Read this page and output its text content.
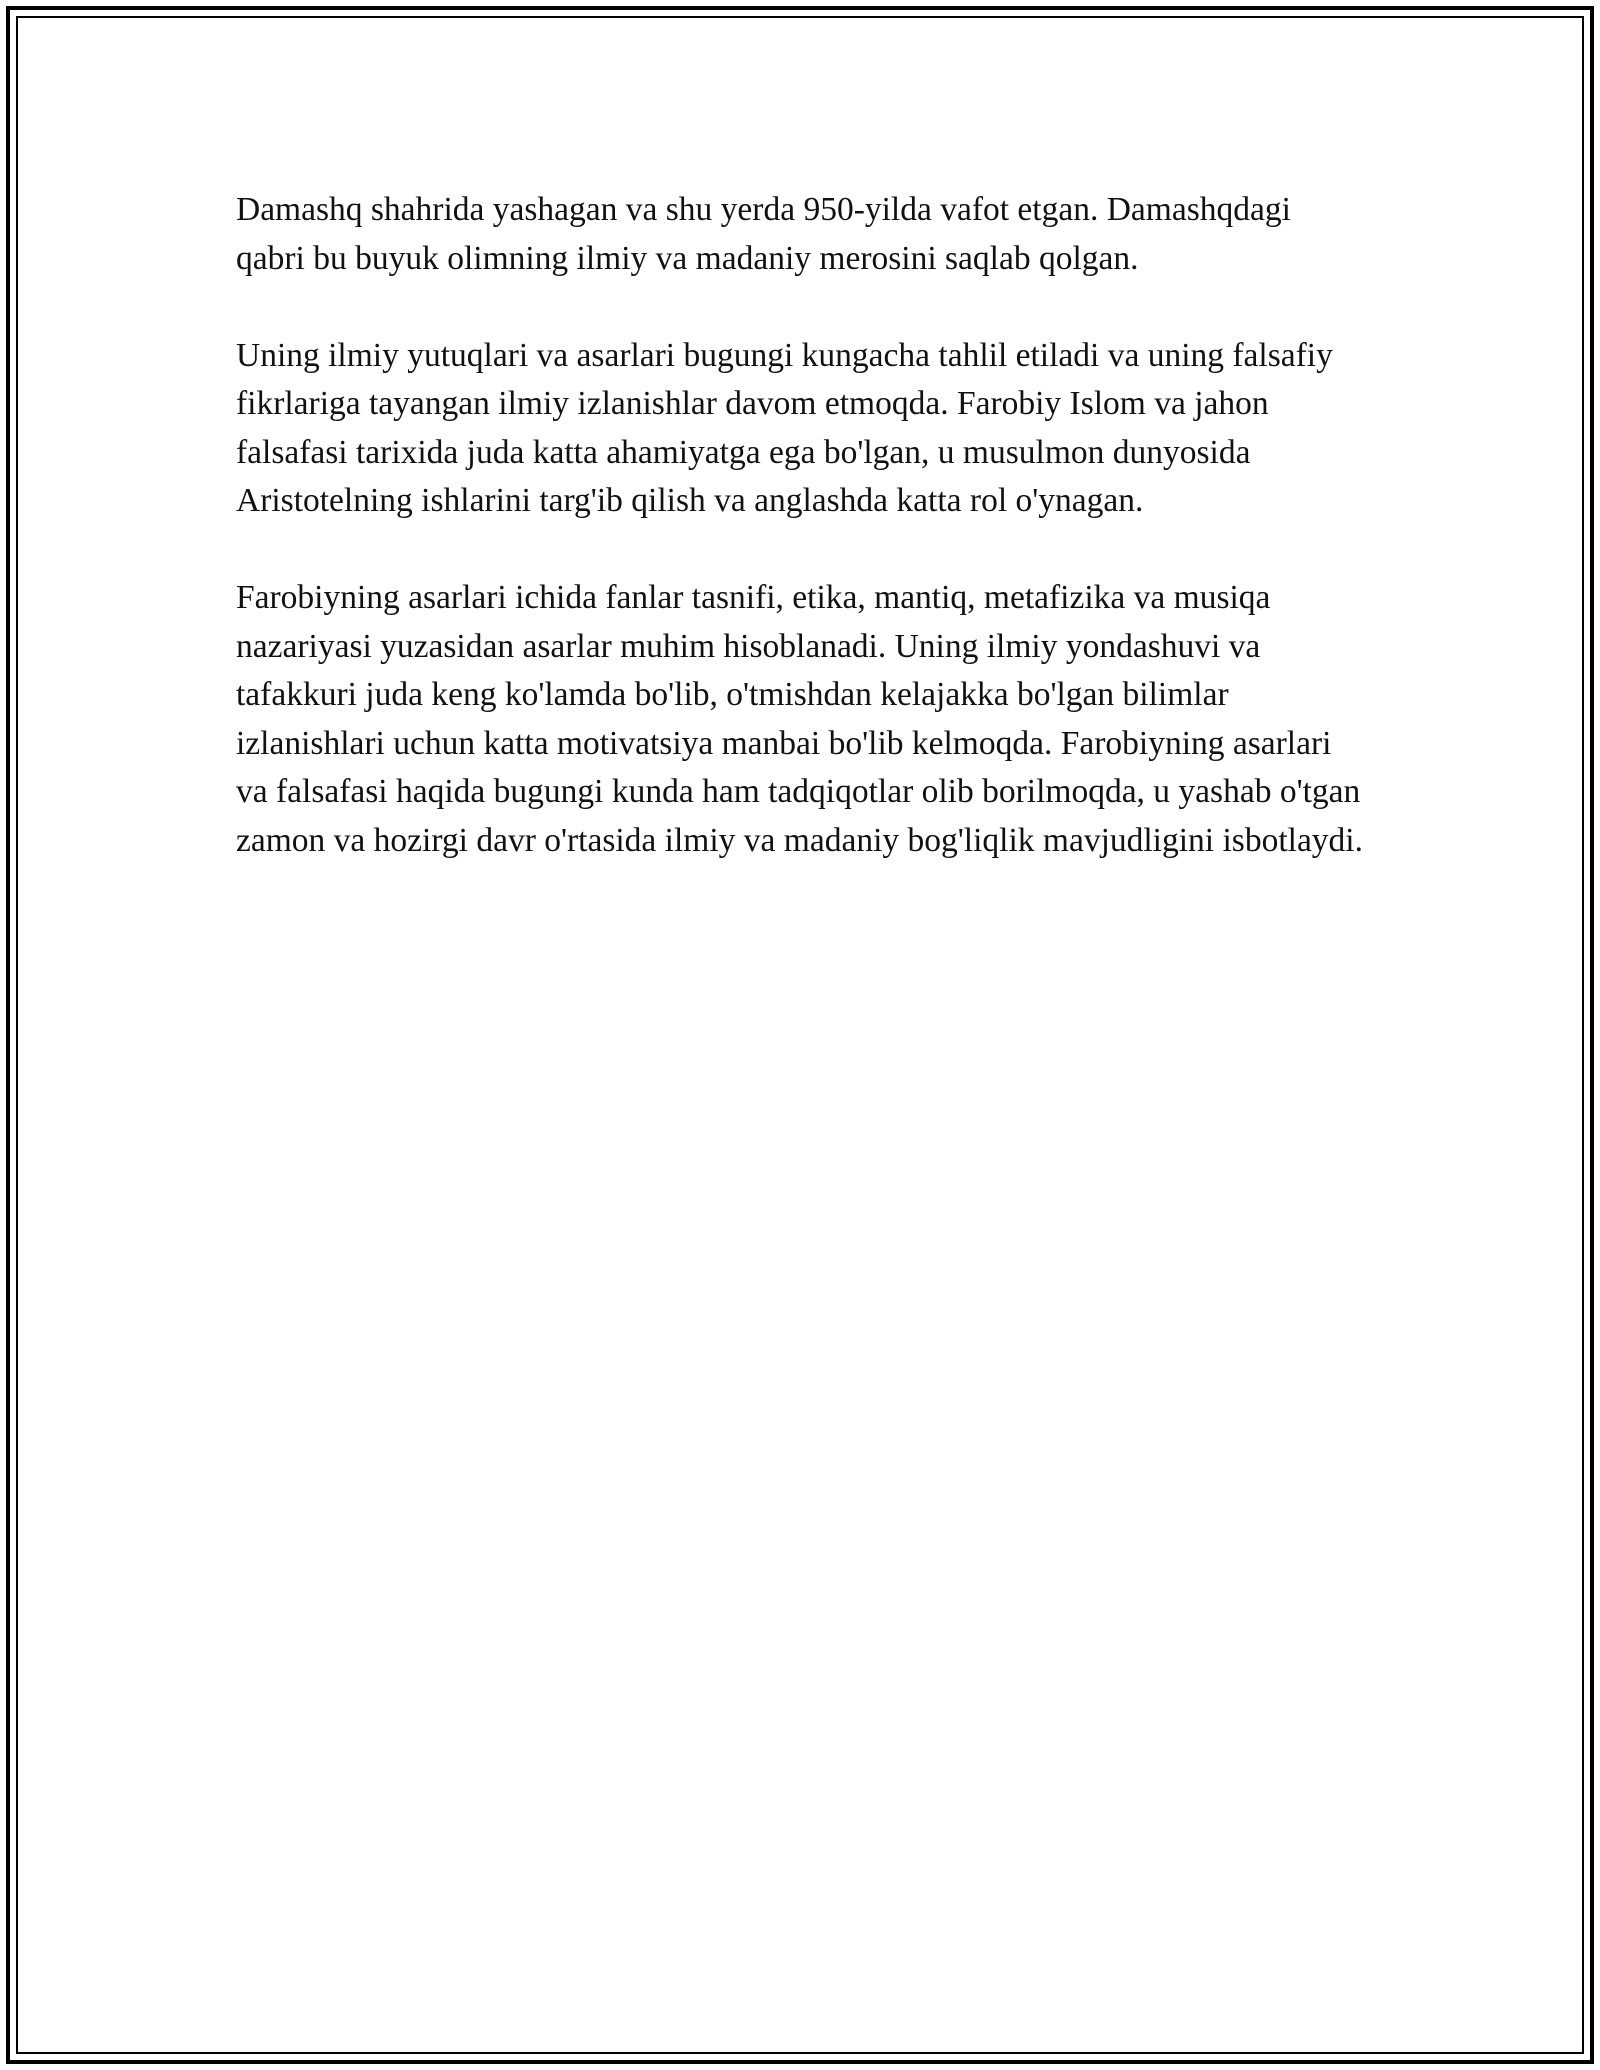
Damashq shahrida yashagan va shu yerda 950-yilda vafot etgan. Damashqdagi qabri bu buyuk olimning ilmiy va madaniy merosini saqlab qolgan.

Uning ilmiy yutuqlari va asarlari bugungi kungacha tahlil etiladi va uning falsafiy fikrlariga tayangan ilmiy izlanishlar davom etmoqda. Farobiy Islom va jahon falsafasi tarixida juda katta ahamiyatga ega bo'lgan, u musulmon dunyosida Aristotelning ishlarini targ'ib qilish va anglashda katta rol o'ynagan.

Farobiyning asarlari ichida fanlar tasnifi, etika, mantiq, metafizika va musiqa nazariyasi yuzasidan asarlar muhim hisoblanadi. Uning ilmiy yondashuvi va tafakkuri juda keng ko'lamda bo'lib, o'tmishdan kelajakka bo'lgan bilimlar izlanishlari uchun katta motivatsiya manbai bo'lib kelmoqda. Farobiyning asarlari va falsafasi haqida bugungi kunda ham tadqiqotlar olib borilmoqda, u yashab o'tgan zamon va hozirgi davr o'rtasida ilmiy va madaniy bog'liqlik mavjudligini isbotlaydi.
